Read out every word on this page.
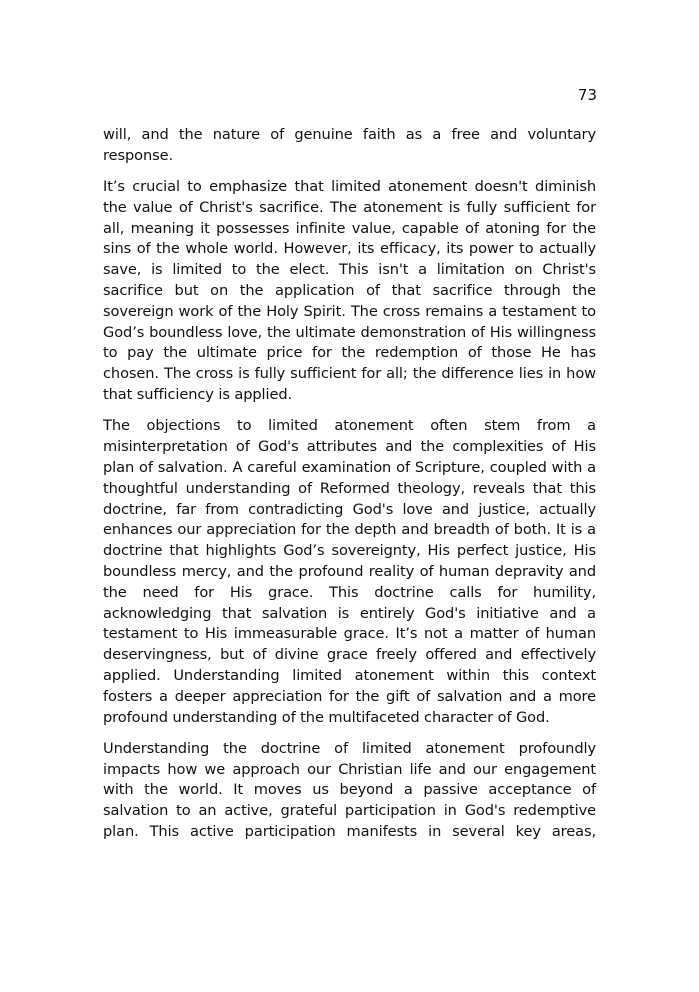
73

will, and the nature of genuine faith as a free and voluntary response.

It’s crucial to emphasize that limited atonement doesn't diminish the value of Christ's sacrifice. The atonement is fully sufficient for all, meaning it possesses infinite value, capable of atoning for the sins of the whole world. However, its efficacy, its power to actually save, is limited to the elect. This isn't a limitation on Christ's sacrifice but on the application of that sacrifice through the sovereign work of the Holy Spirit. The cross remains a testament to God’s boundless love, the ultimate demonstration of His willingness to pay the ultimate price for the redemption of those He has chosen. The cross is fully sufficient for all; the difference lies in how that sufficiency is applied.

The objections to limited atonement often stem from a misinterpretation of God's attributes and the complexities of His plan of salvation. A careful examination of Scripture, coupled with a thoughtful understanding of Reformed theology, reveals that this doctrine, far from contradicting God's love and justice, actually enhances our appreciation for the depth and breadth of both. It is a doctrine that highlights God’s sovereignty, His perfect justice, His boundless mercy, and the profound reality of human depravity and the need for His grace. This doctrine calls for humility, acknowledging that salvation is entirely God's initiative and a testament to His immeasurable grace. It’s not a matter of human deservingness, but of divine grace freely offered and effectively applied. Understanding limited atonement within this context fosters a deeper appreciation for the gift of salvation and a more profound understanding of the multifaceted character of God.

Understanding the doctrine of limited atonement profoundly impacts how we approach our Christian life and our engagement with the world. It moves us beyond a passive acceptance of salvation to an active, grateful participation in God's redemptive plan. This active participation manifests in several key areas,
